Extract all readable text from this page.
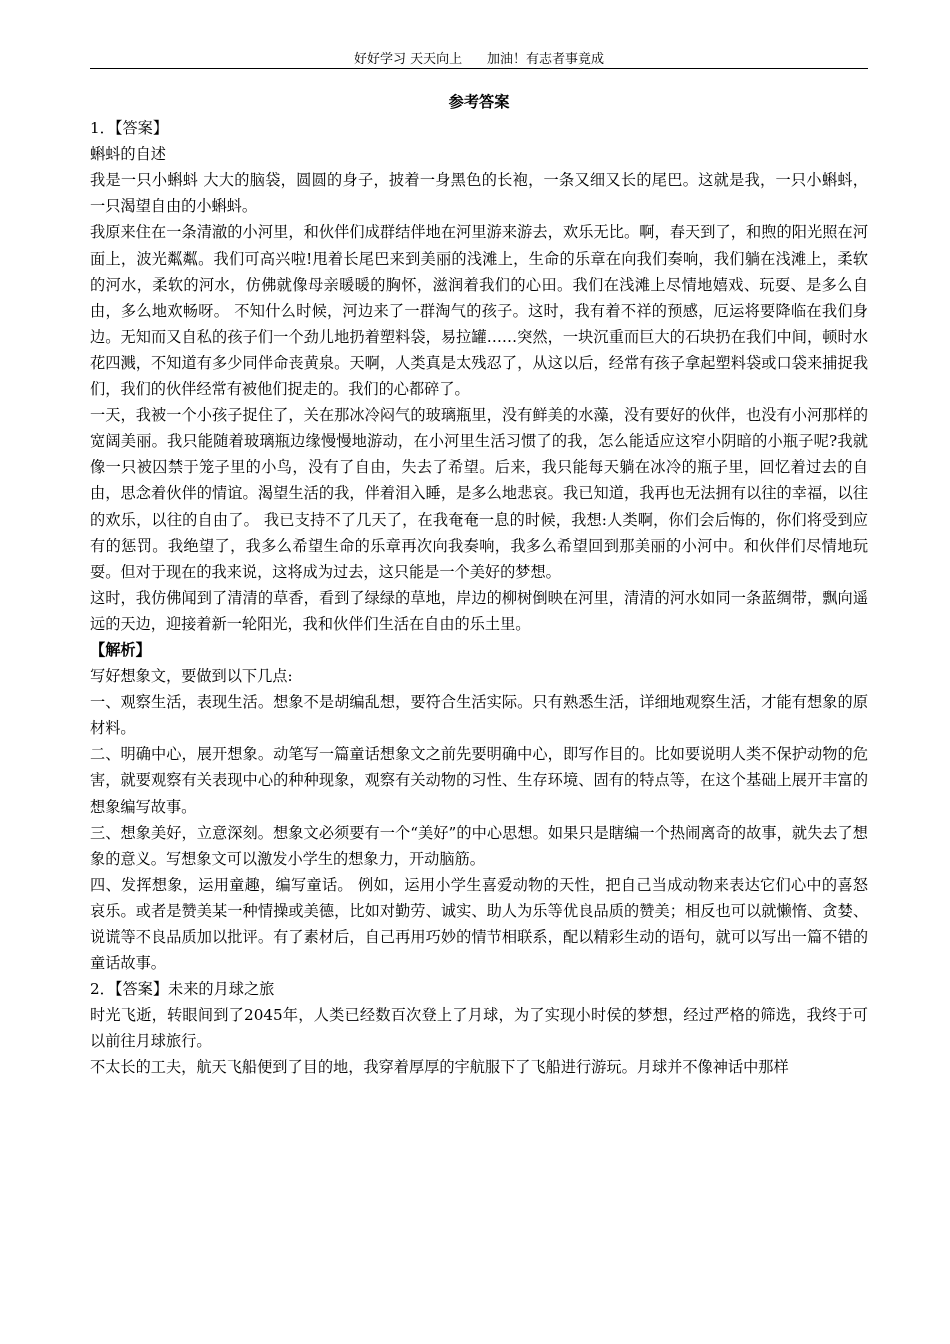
好好学习 天天向上      加油！有志者事竟成

参考答案

1．【答案】

蝌蚪的自述

我是一只小蝌蚪 大大的脑袋，圆圆的身子，披着一身黑色的长袍，一条又细又长的尾巴。这就是我，一只小蝌蚪，一只渴望自由的小蝌蚪。

我原来住在一条清澈的小河里，和伙伴们成群结伴地在河里游来游去，欢乐无比。啊，春天到了，和煦的阳光照在河面上，波光粼粼。我们可高兴啦!甩着长尾巴来到美丽的浅滩上，生命的乐章在向我们奏响，我们躺在浅滩上，柔软的河水，柔软的河水，仿佛就像母亲暖暖的胸怀，滋润着我们的心田。我们在浅滩上尽情地嬉戏、玩耍、是多么自由，多么地欢畅呀。 不知什么时候，河边来了一群淘气的孩子。这时，我有着不祥的预感，厄运将要降临在我们身边。无知而又自私的孩子们一个劲儿地扔着塑料袋，易拉罐……突然，一块沉重而巨大的石块扔在我们中间，顿时水花四溅，不知道有多少同伴命丧黄泉。天啊，人类真是太残忍了，从这以后，经常有孩子拿起塑料袋或口袋来捕捉我们，我们的伙伴经常有被他们捉走的。我们的心都碎了。

一天，我被一个小孩子捉住了，关在那冰冷闷气的玻璃瓶里，没有鲜美的水藻，没有要好的伙伴，也没有小河那样的宽阔美丽。我只能随着玻璃瓶边缘慢慢地游动，在小河里生活习惯了的我，怎么能适应这窄小阴暗的小瓶子呢?我就像一只被囚禁于笼子里的小鸟，没有了自由，失去了希望。后来，我只能每天躺在冰冷的瓶子里，回忆着过去的自由，思念着伙伴的情谊。渴望生活的我，伴着泪入睡，是多么地悲哀。我已知道，我再也无法拥有以往的幸福，以往的欢乐，以往的自由了。 我已支持不了几天了，在我奄奄一息的时候，我想:人类啊，你们会后悔的，你们将受到应有的惩罚。我绝望了，我多么希望生命的乐章再次向我奏响，我多么希望回到那美丽的小河中。和伙伴们尽情地玩耍。但对于现在的我来说，这将成为过去，这只能是一个美好的梦想。

这时，我仿佛闻到了清清的草香，看到了绿绿的草地，岸边的柳树倒映在河里，清清的河水如同一条蓝绸带，飘向遥远的天边，迎接着新一轮阳光，我和伙伴们生活在自由的乐土里。

【解析】

写好想象文，要做到以下几点:

一、观察生活，表现生活。想象不是胡编乱想，要符合生活实际。只有熟悉生活，详细地观察生活，才能有想象的原材料。

二、明确中心，展开想象。动笔写一篇童话想象文之前先要明确中心，即写作目的。比如要说明人类不保护动物的危害，就要观察有关表现中心的种种现象，观察有关动物的习性、生存环境、固有的特点等，在这个基础上展开丰富的想象编写故事。

三、想象美好，立意深刻。想象文必须要有一个“美好”的中心思想。如果只是瞎编一个热闹离奇的故事，就失去了想象的意义。写想象文可以激发小学生的想象力，开动脑筋。

四、发挥想象，运用童趣，编写童话。 例如，运用小学生喜爱动物的天性，把自己当成动物来表达它们心中的喜怒哀乐。或者是赞美某一种情操或美德，比如对勤劳、诚实、助人为乐等优良品质的赞美；相反也可以就懒惰、贪婪、说谎等不良品质加以批评。有了素材后，自己再用巧妙的情节相联系，配以精彩生动的语句，就可以写出一篇不错的童话故事。

2．【答案】未来的月球之旅

时光飞逝，转眼间到了2045年，人类已经数百次登上了月球，为了实现小时侯的梦想，经过严格的筛选，我终于可以前往月球旅行。

不太长的工夫，航天飞船便到了目的地，我穿着厚厚的宇航服下了飞船进行游玩。月球并不像神话中那样
